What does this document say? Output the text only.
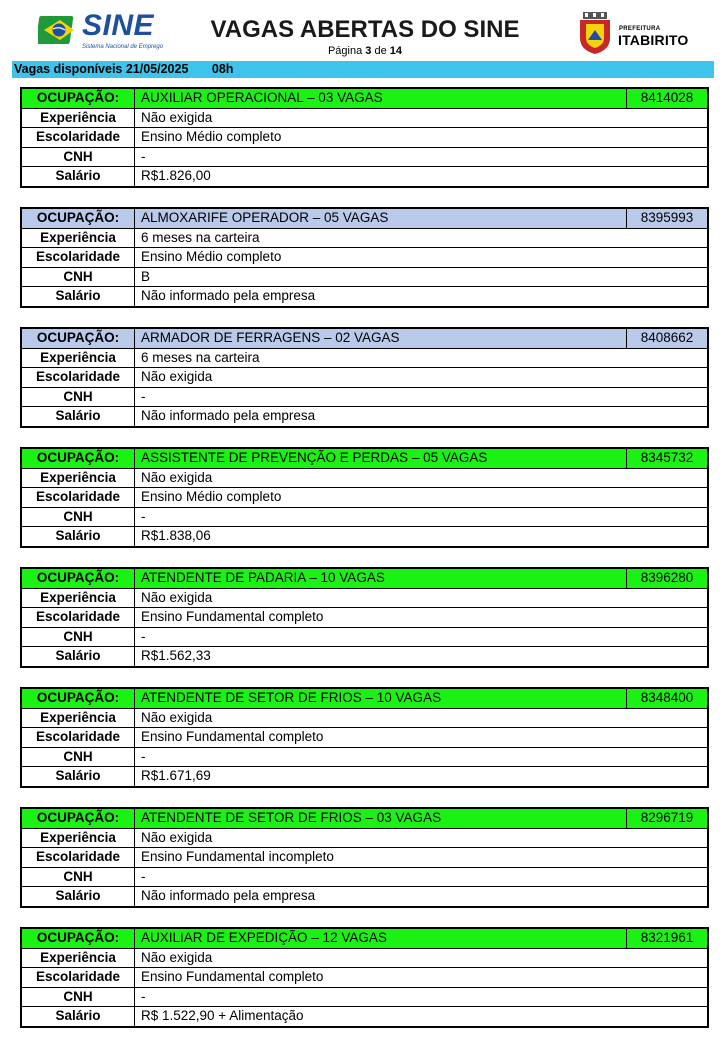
SINE
Sistema Nacional de Emprego
VAGAS ABERTAS DO SINE
Página 3 de 14
PREFEITURA
ITABIRITO
Vagas disponíveis 21/05/2025 08h
OCUPAÇÃO:	AUXILIAR OPERACIONAL – 03 VAGAS	8414028
Experiência	Não exigida
Escolaridade	Ensino Médio completo
CNH	-
Salário	R$1.826,00
OCUPAÇÃO:	ALMOXARIFE OPERADOR – 05 VAGAS	8395993
Experiência	6 meses na carteira
Escolaridade	Ensino Médio completo
CNH	B
Salário	Não informado pela empresa
OCUPAÇÃO:	ARMADOR DE FERRAGENS – 02 VAGAS	8408662
Experiência	6 meses na carteira
Escolaridade	Não exigida
CNH	-
Salário	Não informado pela empresa
OCUPAÇÃO:	ASSISTENTE DE PREVENÇÃO E PERDAS – 05 VAGAS	8345732
Experiência	Não exigida
Escolaridade	Ensino Médio completo
CNH	-
Salário	R$1.838,06
OCUPAÇÃO:	ATENDENTE DE PADARIA – 10 VAGAS	8396280
Experiência	Não exigida
Escolaridade	Ensino Fundamental completo
CNH	-
Salário	R$1.562,33
OCUPAÇÃO:	ATENDENTE DE SETOR DE FRIOS – 10 VAGAS	8348400
Experiência	Não exigida
Escolaridade	Ensino Fundamental completo
CNH	-
Salário	R$1.671,69
OCUPAÇÃO:	ATENDENTE DE SETOR DE FRIOS – 03 VAGAS	8296719
Experiência	Não exigida
Escolaridade	Ensino Fundamental incompleto
CNH	-
Salário	Não informado pela empresa
OCUPAÇÃO:	AUXILIAR DE EXPEDIÇÃO – 12 VAGAS	8321961
Experiência	Não exigida
Escolaridade	Ensino Fundamental completo
CNH	-
Salário	R$ 1.522,90 + Alimentação
